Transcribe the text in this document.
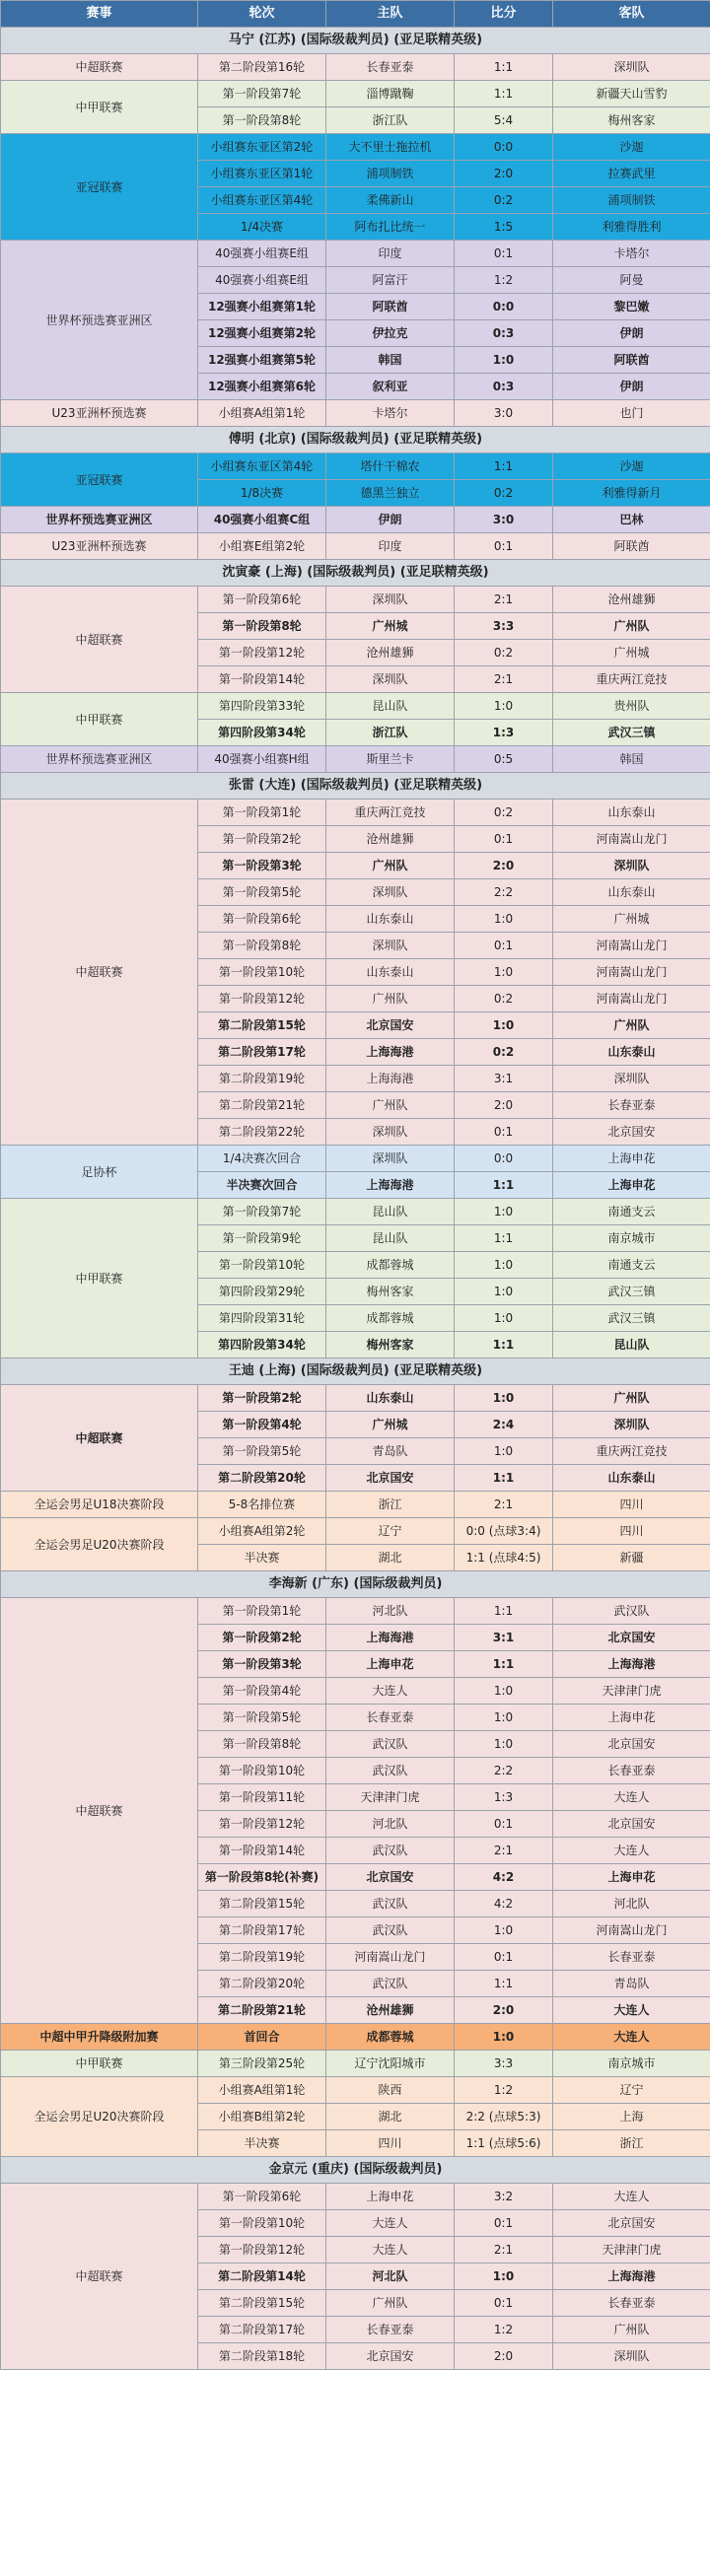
赛事	轮次	主队	比分	客队
马宁 (江苏) (国际级裁判员) (亚足联精英级)				
中超联赛	第二阶段第16轮	长春亚泰	1:1	深圳队
中甲联赛	第一阶段第7轮	淄博蹴鞠	1:1	新疆天山雪豹
	第一阶段第8轮	浙江队	5:4	梅州客家
亚冠联赛	小组赛东亚区第2轮	大不里士拖拉机	0:0	沙迦
	小组赛东亚区第1轮	浦项制铁	2:0	拉赛武里
	小组赛东亚区第4轮	柔佛新山	0:2	浦项制铁
	1/4决赛	阿布扎比统一	1:5	利雅得胜利
世界杯预选赛亚洲区	40强赛小组赛E组	印度	0:1	卡塔尔
	40强赛小组赛E组	阿富汗	1:2	阿曼
	12强赛小组赛第1轮	阿联酋	0:0	黎巴嫩
	12强赛小组赛第2轮	伊拉克	0:3	伊朗
	12强赛小组赛第5轮	韩国	1:0	阿联酋
	12强赛小组赛第6轮	叙利亚	0:3	伊朗
U23亚洲杯预选赛	小组赛A组第1轮	卡塔尔	3:0	也门
傅明 (北京) (国际级裁判员) (亚足联精英级)				
亚冠联赛	小组赛东亚区第4轮	塔什干棉农	1:1	沙迦
	1/8决赛	德黑兰独立	0:2	利雅得新月
世界杯预选赛亚洲区	40强赛小组赛C组	伊朗	3:0	巴林
U23亚洲杯预选赛	小组赛E组第2轮	印度	0:1	阿联酋
沈寅豪 (上海) (国际级裁判员) (亚足联精英级)				
中超联赛	第一阶段第6轮	深圳队	2:1	沧州雄狮
	第一阶段第8轮	广州城	3:3	广州队
	第一阶段第12轮	沧州雄狮	0:2	广州城
	第一阶段第14轮	深圳队	2:1	重庆两江竞技
中甲联赛	第四阶段第33轮	昆山队	1:0	贵州队
	第四阶段第34轮	浙江队	1:3	武汉三镇
世界杯预选赛亚洲区	40强赛小组赛H组	斯里兰卡	0:5	韩国
张雷 (大连) (国际级裁判员) (亚足联精英级)				
中超联赛	第一阶段第1轮	重庆两江竞技	0:2	山东泰山
	第一阶段第2轮	沧州雄狮	0:1	河南嵩山龙门
	第一阶段第3轮	广州队	2:0	深圳队
	第一阶段第5轮	深圳队	2:2	山东泰山
	第一阶段第6轮	山东泰山	1:0	广州城
	第一阶段第8轮	深圳队	0:1	河南嵩山龙门
	第一阶段第10轮	山东泰山	1:0	河南嵩山龙门
	第一阶段第12轮	广州队	0:2	河南嵩山龙门
	第二阶段第15轮	北京国安	1:0	广州队
	第二阶段第17轮	上海海港	0:2	山东泰山
	第二阶段第19轮	上海海港	3:1	深圳队
	第二阶段第21轮	广州队	2:0	长春亚泰
	第二阶段第22轮	深圳队	0:1	北京国安
足协杯	1/4决赛次回合	深圳队	0:0	上海申花
	半决赛次回合	上海海港	1:1	上海申花
中甲联赛	第一阶段第7轮	昆山队	1:0	南通支云
	第一阶段第9轮	昆山队	1:1	南京城市
	第一阶段第10轮	成都蓉城	1:0	南通支云
	第四阶段第29轮	梅州客家	1:0	武汉三镇
	第四阶段第31轮	成都蓉城	1:0	武汉三镇
	第四阶段第34轮	梅州客家	1:1	昆山队
王迪 (上海) (国际级裁判员) (亚足联精英级)				
中超联赛	第一阶段第2轮	山东泰山	1:0	广州队
	第一阶段第4轮	广州城	2:4	深圳队
	第一阶段第5轮	青岛队	1:0	重庆两江竞技
	第二阶段第20轮	北京国安	1:1	山东泰山
全运会男足U18决赛阶段	5-8名排位赛	浙江	2:1	四川
全运会男足U20决赛阶段	小组赛A组第2轮	辽宁	0:0 (点球3:4)	四川
	半决赛	湖北	1:1 (点球4:5)	新疆
李海新 (广东) (国际级裁判员)				
中超联赛	第一阶段第1轮	河北队	1:1	武汉队
	第一阶段第2轮	上海海港	3:1	北京国安
	第一阶段第3轮	上海申花	1:1	上海海港
	第一阶段第4轮	大连人	1:0	天津津门虎
	第一阶段第5轮	长春亚泰	1:0	上海申花
	第一阶段第8轮	武汉队	1:0	北京国安
	第一阶段第10轮	武汉队	2:2	长春亚泰
	第一阶段第11轮	天津津门虎	1:3	大连人
	第一阶段第12轮	河北队	0:1	北京国安
	第一阶段第14轮	武汉队	2:1	大连人
	第一阶段第8轮(补赛)	北京国安	4:2	上海申花
	第二阶段第15轮	武汉队	4:2	河北队
	第二阶段第17轮	武汉队	1:0	河南嵩山龙门
	第二阶段第19轮	河南嵩山龙门	0:1	长春亚泰
	第二阶段第20轮	武汉队	1:1	青岛队
	第二阶段第21轮	沧州雄狮	2:0	大连人
中超中甲升降级附加赛	首回合	成都蓉城	1:0	大连人
中甲联赛	第三阶段第25轮	辽宁沈阳城市	3:3	南京城市
全运会男足U20决赛阶段	小组赛A组第1轮	陕西	1:2	辽宁
	小组赛B组第2轮	湖北	2:2 (点球5:3)	上海
	半决赛	四川	1:1 (点球5:6)	浙江
金京元 (重庆) (国际级裁判员)				
中超联赛	第一阶段第6轮	上海申花	3:2	大连人
	第一阶段第10轮	大连人	0:1	北京国安
	第一阶段第12轮	大连人	2:1	天津津门虎
	第二阶段第14轮	河北队	1:0	上海海港
	第二阶段第15轮	广州队	0:1	长春亚泰
	第二阶段第17轮	长春亚泰	1:2	广州队
	第二阶段第18轮	北京国安	2:0	深圳队
